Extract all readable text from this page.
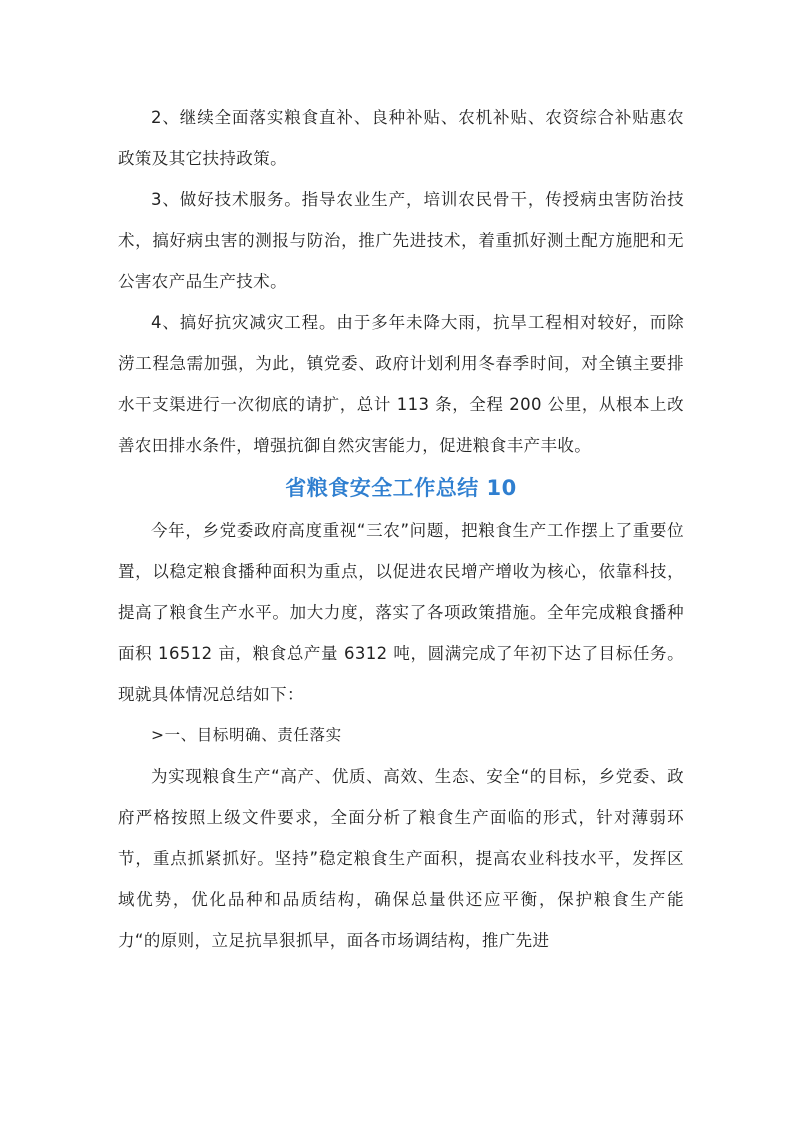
2、继续全面落实粮食直补、良种补贴、农机补贴、农资综合补贴惠农政策及其它扶持政策。

3、做好技术服务。指导农业生产，培训农民骨干，传授病虫害防治技术，搞好病虫害的测报与防治，推广先进技术，着重抓好测土配方施肥和无公害农产品生产技术。

4、搞好抗灾减灾工程。由于多年未降大雨，抗旱工程相对较好，而除涝工程急需加强，为此，镇党委、政府计划利用冬春季时间，对全镇主要排水干支渠进行一次彻底的请扩，总计 113 条，全程 200 公里，从根本上改善农田排水条件，增强抗御自然灾害能力，促进粮食丰产丰收。

省粮食安全工作总结 10

今年，乡党委政府高度重视“三农”问题，把粮食生产工作摆上了重要位置，以稳定粮食播种面积为重点，以促进农民增产增收为核心，依靠科技，提高了粮食生产水平。加大力度，落实了各项政策措施。全年完成粮食播种面积 16512 亩，粮食总产量 6312 吨，圆满完成了年初下达了目标任务。现就具体情况总结如下：

>一、目标明确、责任落实

为实现粮食生产“高产、优质、高效、生态、安全“的目标，乡党委、政府严格按照上级文件要求，全面分析了粮食生产面临的形式，针对薄弱环节，重点抓紧抓好。坚持”稳定粮食生产面积，提高农业科技水平，发挥区域优势，优化品种和品质结构，确保总量供还应平衡，保护粮食生产能力“的原则，立足抗旱狠抓早，面各市场调结构，推广先进
